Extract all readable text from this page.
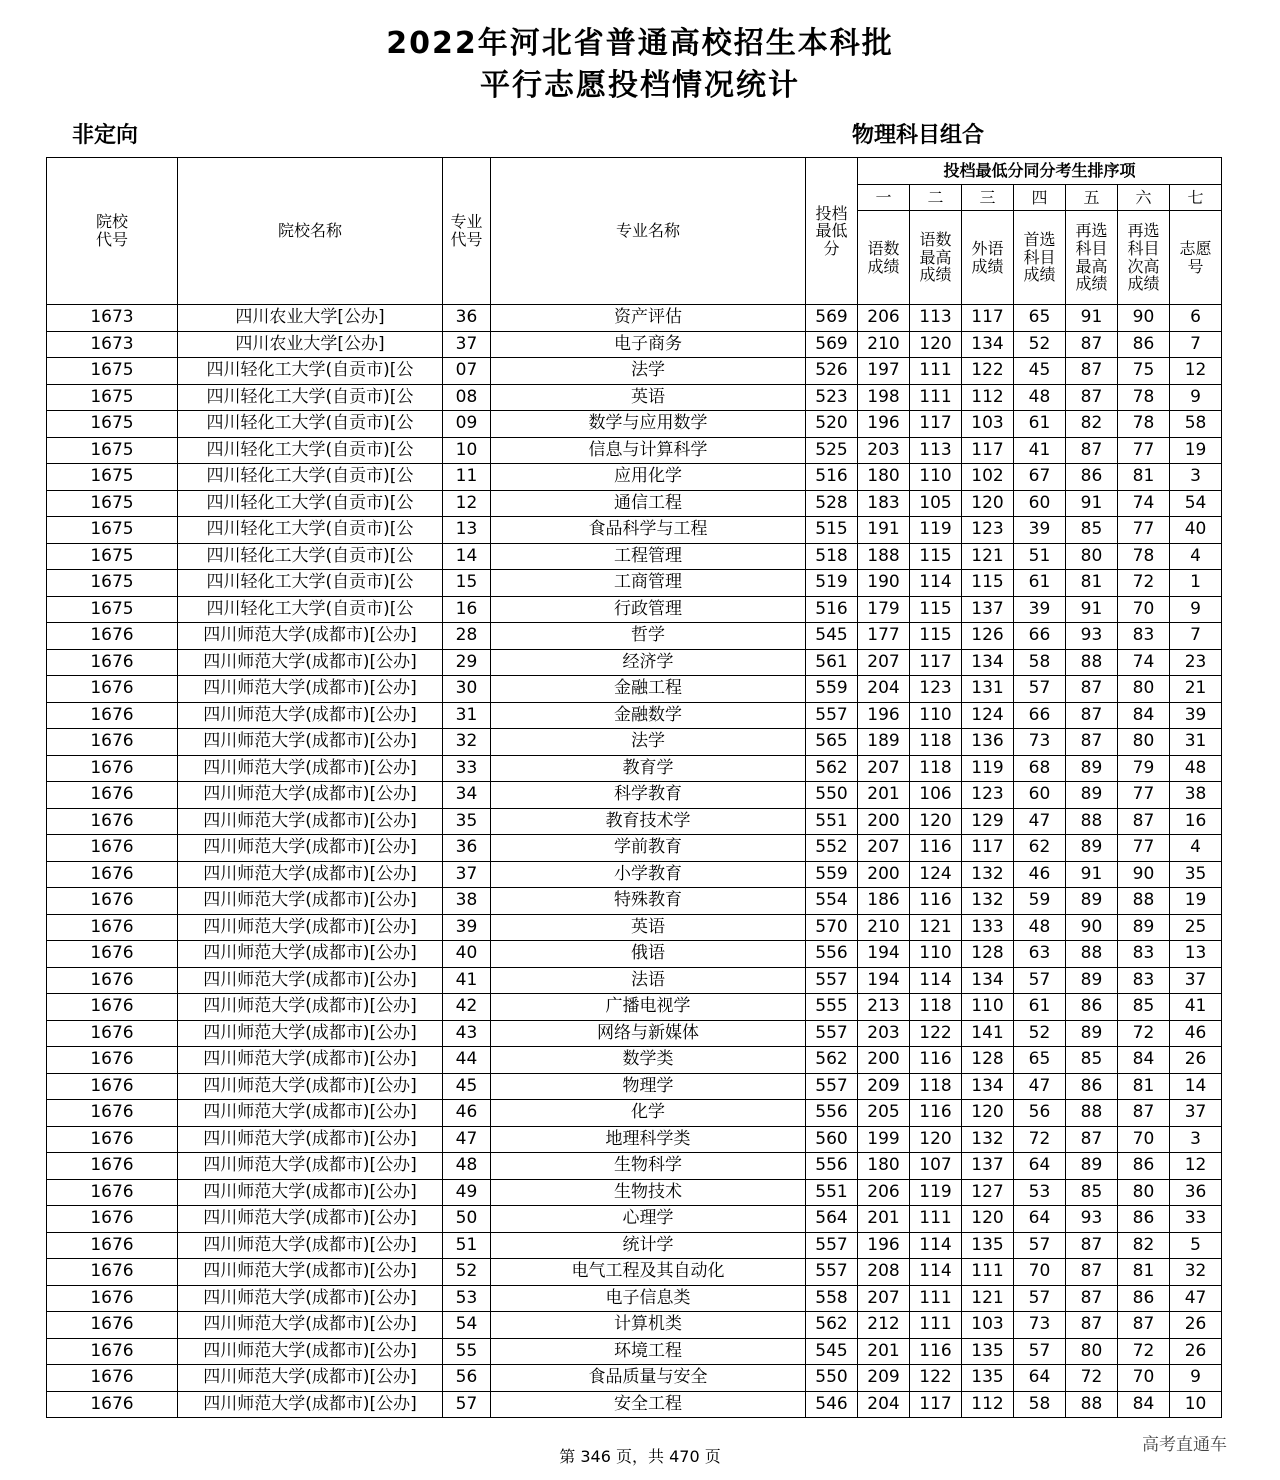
2022年河北省普通高校招生本科批
平行志愿投档情况统计
非定向	物理科目组合
院校代号	院校名称	专业代号	专业名称	投档最低分	投档最低分同分考生排序项						
					一	二	三	四	五	六	七
					语数成绩	语数最高成绩	外语成绩	首选科目成绩	再选科目最高成绩	再选科目次高成绩	志愿号
1673	四川农业大学[公办]	36	资产评估	569	206	113	117	65	91	90	6
1673	四川农业大学[公办]	37	电子商务	569	210	120	134	52	87	86	7
1675	四川轻化工大学(自贡市)[公	07	法学	526	197	111	122	45	87	75	12
1675	四川轻化工大学(自贡市)[公	08	英语	523	198	111	112	48	87	78	9
1675	四川轻化工大学(自贡市)[公	09	数学与应用数学	520	196	117	103	61	82	78	58
1675	四川轻化工大学(自贡市)[公	10	信息与计算科学	525	203	113	117	41	87	77	19
1675	四川轻化工大学(自贡市)[公	11	应用化学	516	180	110	102	67	86	81	3
1675	四川轻化工大学(自贡市)[公	12	通信工程	528	183	105	120	60	91	74	54
1675	四川轻化工大学(自贡市)[公	13	食品科学与工程	515	191	119	123	39	85	77	40
1675	四川轻化工大学(自贡市)[公	14	工程管理	518	188	115	121	51	80	78	4
1675	四川轻化工大学(自贡市)[公	15	工商管理	519	190	114	115	61	81	72	1
1675	四川轻化工大学(自贡市)[公	16	行政管理	516	179	115	137	39	91	70	9
1676	四川师范大学(成都市)[公办]	28	哲学	545	177	115	126	66	93	83	7
1676	四川师范大学(成都市)[公办]	29	经济学	561	207	117	134	58	88	74	23
1676	四川师范大学(成都市)[公办]	30	金融工程	559	204	123	131	57	87	80	21
1676	四川师范大学(成都市)[公办]	31	金融数学	557	196	110	124	66	87	84	39
1676	四川师范大学(成都市)[公办]	32	法学	565	189	118	136	73	87	80	31
1676	四川师范大学(成都市)[公办]	33	教育学	562	207	118	119	68	89	79	48
1676	四川师范大学(成都市)[公办]	34	科学教育	550	201	106	123	60	89	77	38
1676	四川师范大学(成都市)[公办]	35	教育技术学	551	200	120	129	47	88	87	16
1676	四川师范大学(成都市)[公办]	36	学前教育	552	207	116	117	62	89	77	4
1676	四川师范大学(成都市)[公办]	37	小学教育	559	200	124	132	46	91	90	35
1676	四川师范大学(成都市)[公办]	38	特殊教育	554	186	116	132	59	89	88	19
1676	四川师范大学(成都市)[公办]	39	英语	570	210	121	133	48	90	89	25
1676	四川师范大学(成都市)[公办]	40	俄语	556	194	110	128	63	88	83	13
1676	四川师范大学(成都市)[公办]	41	法语	557	194	114	134	57	89	83	37
1676	四川师范大学(成都市)[公办]	42	广播电视学	555	213	118	110	61	86	85	41
1676	四川师范大学(成都市)[公办]	43	网络与新媒体	557	203	122	141	52	89	72	46
1676	四川师范大学(成都市)[公办]	44	数学类	562	200	116	128	65	85	84	26
1676	四川师范大学(成都市)[公办]	45	物理学	557	209	118	134	47	86	81	14
1676	四川师范大学(成都市)[公办]	46	化学	556	205	116	120	56	88	87	37
1676	四川师范大学(成都市)[公办]	47	地理科学类	560	199	120	132	72	87	70	3
1676	四川师范大学(成都市)[公办]	48	生物科学	556	180	107	137	64	89	86	12
1676	四川师范大学(成都市)[公办]	49	生物技术	551	206	119	127	53	85	80	36
1676	四川师范大学(成都市)[公办]	50	心理学	564	201	111	120	64	93	86	33
1676	四川师范大学(成都市)[公办]	51	统计学	557	196	114	135	57	87	82	5
1676	四川师范大学(成都市)[公办]	52	电气工程及其自动化	557	208	114	111	70	87	81	32
1676	四川师范大学(成都市)[公办]	53	电子信息类	558	207	111	121	57	87	86	47
1676	四川师范大学(成都市)[公办]	54	计算机类	562	212	111	103	73	87	87	26
1676	四川师范大学(成都市)[公办]	55	环境工程	545	201	116	135	57	80	72	26
1676	四川师范大学(成都市)[公办]	56	食品质量与安全	550	209	122	135	64	72	70	9
1676	四川师范大学(成都市)[公办]	57	安全工程	546	204	117	112	58	88	84	10
第 346 页，共 470 页
高考直通车
